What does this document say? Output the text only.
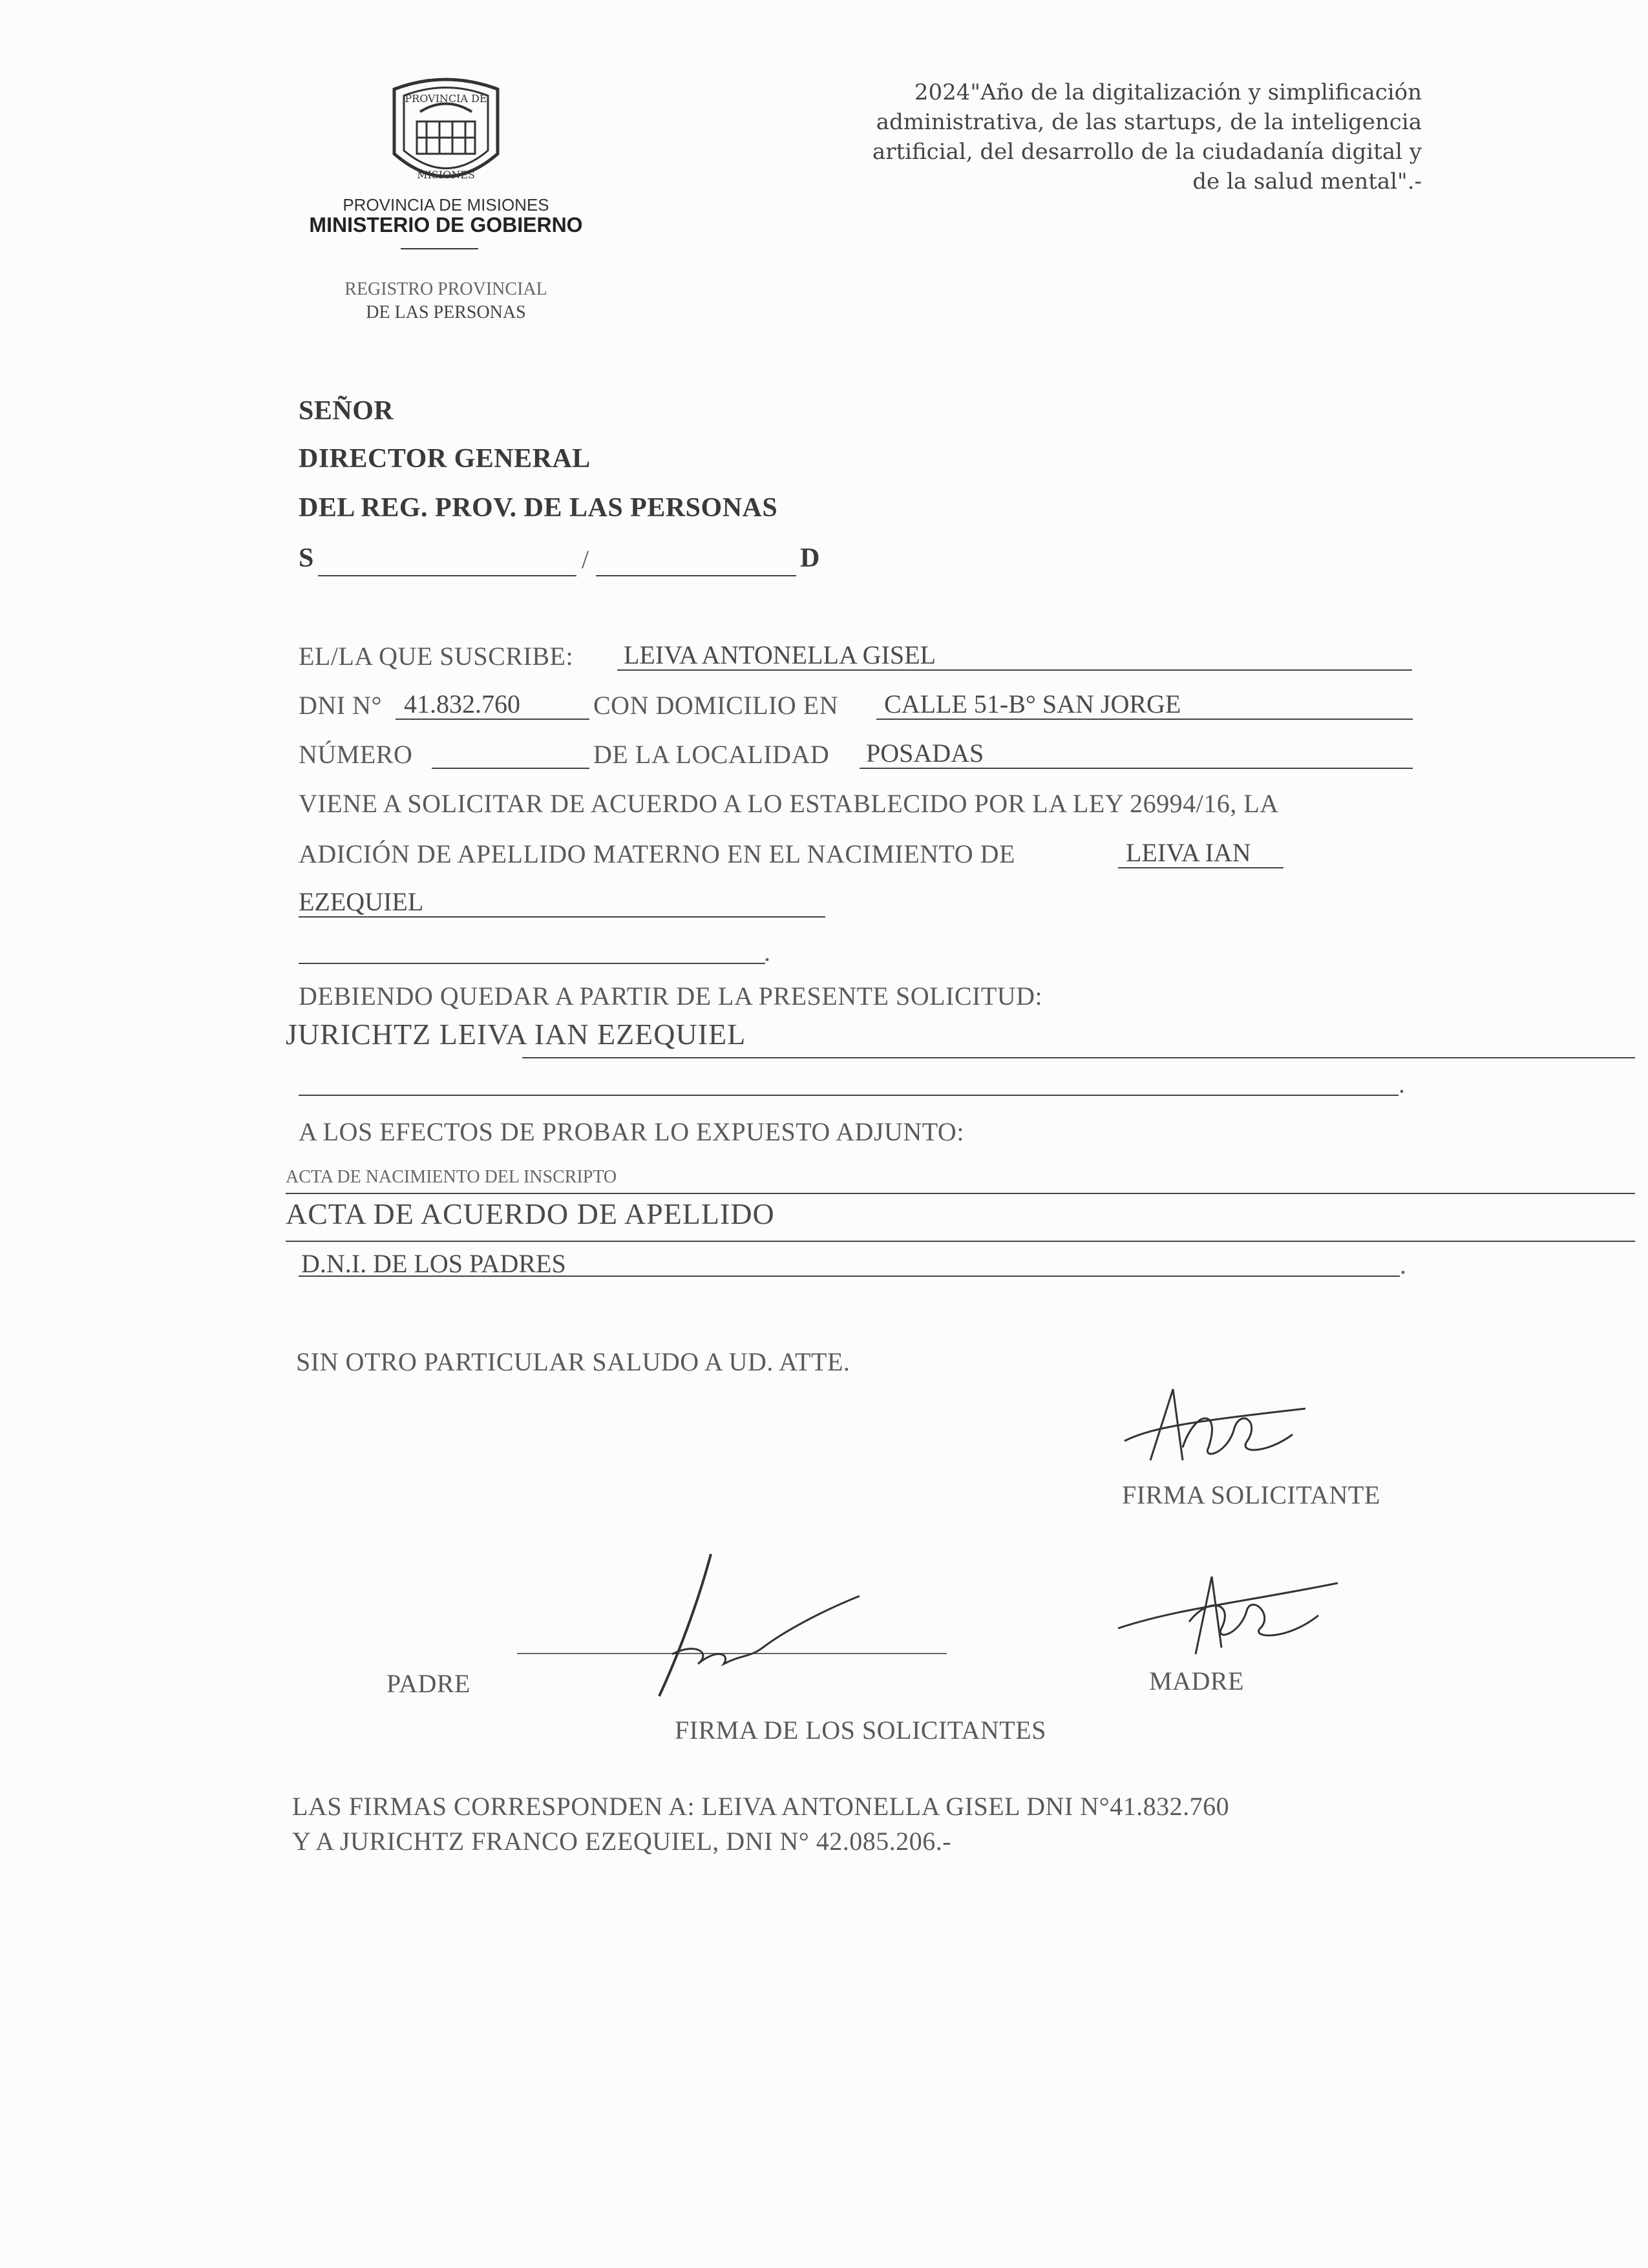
PROVINCIA DE
MISIONES
PROVINCIA DE MISIONES
MINISTERIO DE GOBIERNO
REGISTRO PROVINCIAL
DE LAS PERSONAS
2024"Año de la digitalización y simplificación administrativa, de las startups, de la inteligencia artificial, del desarrollo de la ciudadanía digital y de la salud mental".-
SEÑOR
DIRECTOR GENERAL
DEL REG. PROV. DE LAS PERSONAS
S	/	D
EL/LA QUE SUSCRIBE: LEIVA ANTONELLA GISEL
DNI N° 41.832.760	CON DOMICILIO EN CALLE 51-B° SAN JORGE
NÚMERO	DE LA LOCALIDAD POSADAS
VIENE A SOLICITAR DE ACUERDO A LO ESTABLECIDO POR LA LEY 26994/16, LA
ADICIÓN DE APELLIDO MATERNO EN EL NACIMIENTO DE	LEIVA IAN
EZEQUIEL
.
DEBIENDO QUEDAR A PARTIR DE LA PRESENTE SOLICITUD:
JURICHTZ LEIVA IAN EZEQUIEL
.
A LOS EFECTOS DE PROBAR LO EXPUESTO ADJUNTO:
ACTA DE NACIMIENTO DEL INSCRIPTO
ACTA DE ACUERDO DE APELLIDO
D.N.I. DE LOS PADRES	.
SIN OTRO PARTICULAR SALUDO A UD. ATTE.
FIRMA SOLICITANTE
PADRE	MADRE
FIRMA DE LOS SOLICITANTES
LAS FIRMAS CORRESPONDEN A: LEIVA ANTONELLA GISEL DNI N°41.832.760
Y A JURICHTZ FRANCO EZEQUIEL, DNI N° 42.085.206.-
